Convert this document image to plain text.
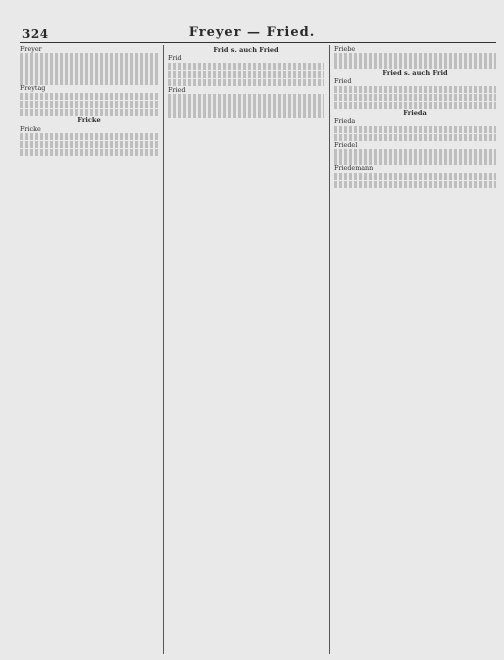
324	Freyer — Fried.
Freyer
Freytag
Fricke
Fricke
Frid s. auch Fried
Frid
Fried
Friebe
Fried s. auch Frid
Fried
Frieda
Frieda
Friedel
Friedemann
